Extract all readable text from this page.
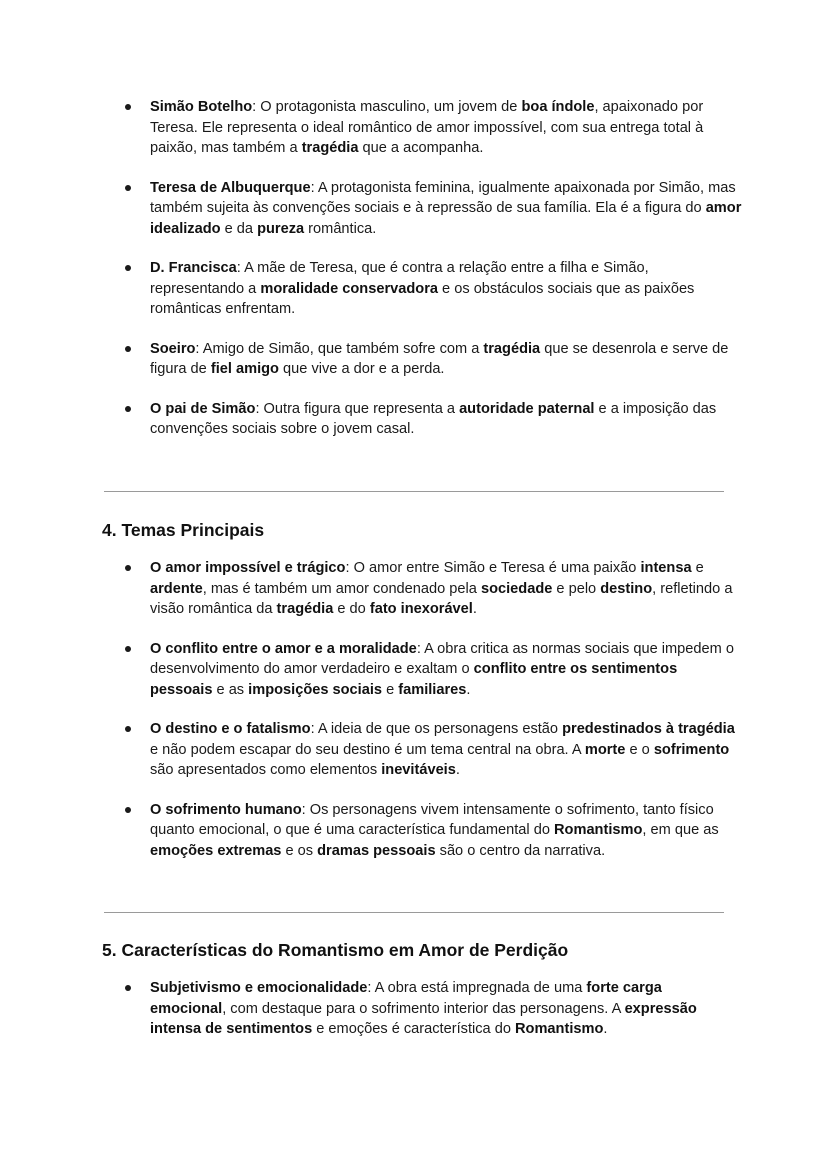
Simão Botelho: O protagonista masculino, um jovem de boa índole, apaixonado por Teresa. Ele representa o ideal romântico de amor impossível, com sua entrega total à paixão, mas também a tragédia que a acompanha.
Teresa de Albuquerque: A protagonista feminina, igualmente apaixonada por Simão, mas também sujeita às convenções sociais e à repressão de sua família. Ela é a figura do amor idealizado e da pureza romântica.
D. Francisca: A mãe de Teresa, que é contra a relação entre a filha e Simão, representando a moralidade conservadora e os obstáculos sociais que as paixões românticas enfrentam.
Soeiro: Amigo de Simão, que também sofre com a tragédia que se desenrola e serve de figura de fiel amigo que vive a dor e a perda.
O pai de Simão: Outra figura que representa a autoridade paternal e a imposição das convenções sociais sobre o jovem casal.
4. Temas Principais
O amor impossível e trágico: O amor entre Simão e Teresa é uma paixão intensa e ardente, mas é também um amor condenado pela sociedade e pelo destino, refletindo a visão romântica da tragédia e do fato inexorável.
O conflito entre o amor e a moralidade: A obra critica as normas sociais que impedem o desenvolvimento do amor verdadeiro e exaltam o conflito entre os sentimentos pessoais e as imposições sociais e familiares.
O destino e o fatalismo: A ideia de que os personagens estão predestinados à tragédia e não podem escapar do seu destino é um tema central na obra. A morte e o sofrimento são apresentados como elementos inevitáveis.
O sofrimento humano: Os personagens vivem intensamente o sofrimento, tanto físico quanto emocional, o que é uma característica fundamental do Romantismo, em que as emoções extremas e os dramas pessoais são o centro da narrativa.
5. Características do Romantismo em Amor de Perdição
Subjetivismo e emocionalidade: A obra está impregnada de uma forte carga emocional, com destaque para o sofrimento interior das personagens. A expressão intensa de sentimentos e emoções é característica do Romantismo.
